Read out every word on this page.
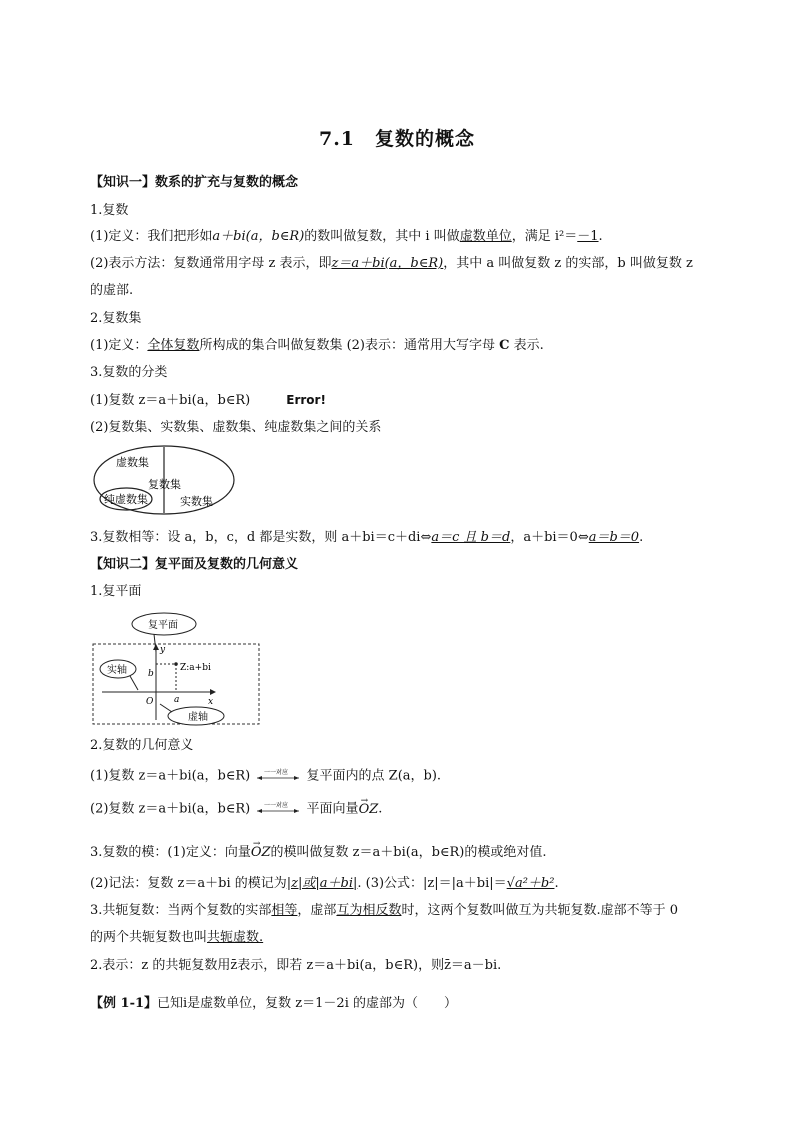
7.1　复数的概念
【知识一】数系的扩充与复数的概念
1.复数
(1)定义：我们把形如a＋bi(a，b∈R)的数叫做复数，其中 i 叫做虚数单位，满足 i²＝－1.
(2)表示方法：复数通常用字母 z 表示，即z＝a＋bi(a，b∈R)，其中 a 叫做复数 z 的实部，b 叫做复数 z
的虚部.
2.复数集
(1)定义：全体复数所构成的集合叫做复数集 (2)表示：通常用大写字母 C 表示.
3.复数的分类
(1)复数 z＝a＋bi(a，b∈R)	Error!
(2)复数集、实数集、虚数集、纯虚数集之间的关系
虚数集
复数集
纯虚数集	实数集
3.复数相等：设 a，b，c，d 都是实数，则 a＋bi＝c＋di⇔a＝c 且 b＝d，a＋bi＝0⇔a＝b＝0.
【知识二】复平面及复数的几何意义
1.复平面
复平面
Z:a+bi
y
x
b
a
O
实轴
虚轴
2.复数的几何意义
(1)复数 z＝a＋bi(a，b∈R) 一一对应 复平面内的点 Z(a，b).
(2)复数 z＝a＋bi(a，b∈R) 一一对应 平面向量→ OZ.
3.复数的模：(1)定义：向量→ OZ的模叫做复数 z＝a＋bi(a，b∈R)的模或绝对值.
(2)记法：复数 z＝a＋bi 的模记为|z|或|a＋bi|. (3)公式：|z|＝|a＋bi|＝√a²＋b².
3.共轭复数：当两个复数的实部相等，虚部互为相反数时，这两个复数叫做互为共轭复数.虚部不等于 0
的两个共轭复数也叫共轭虚数.
2.表示：z 的共轭复数用z̄表示，即若 z＝a＋bi(a，b∈R)，则z̄＝a－bi.
【例 1-1】已知i是虚数单位，复数 z＝1－2i 的虚部为（　　）
